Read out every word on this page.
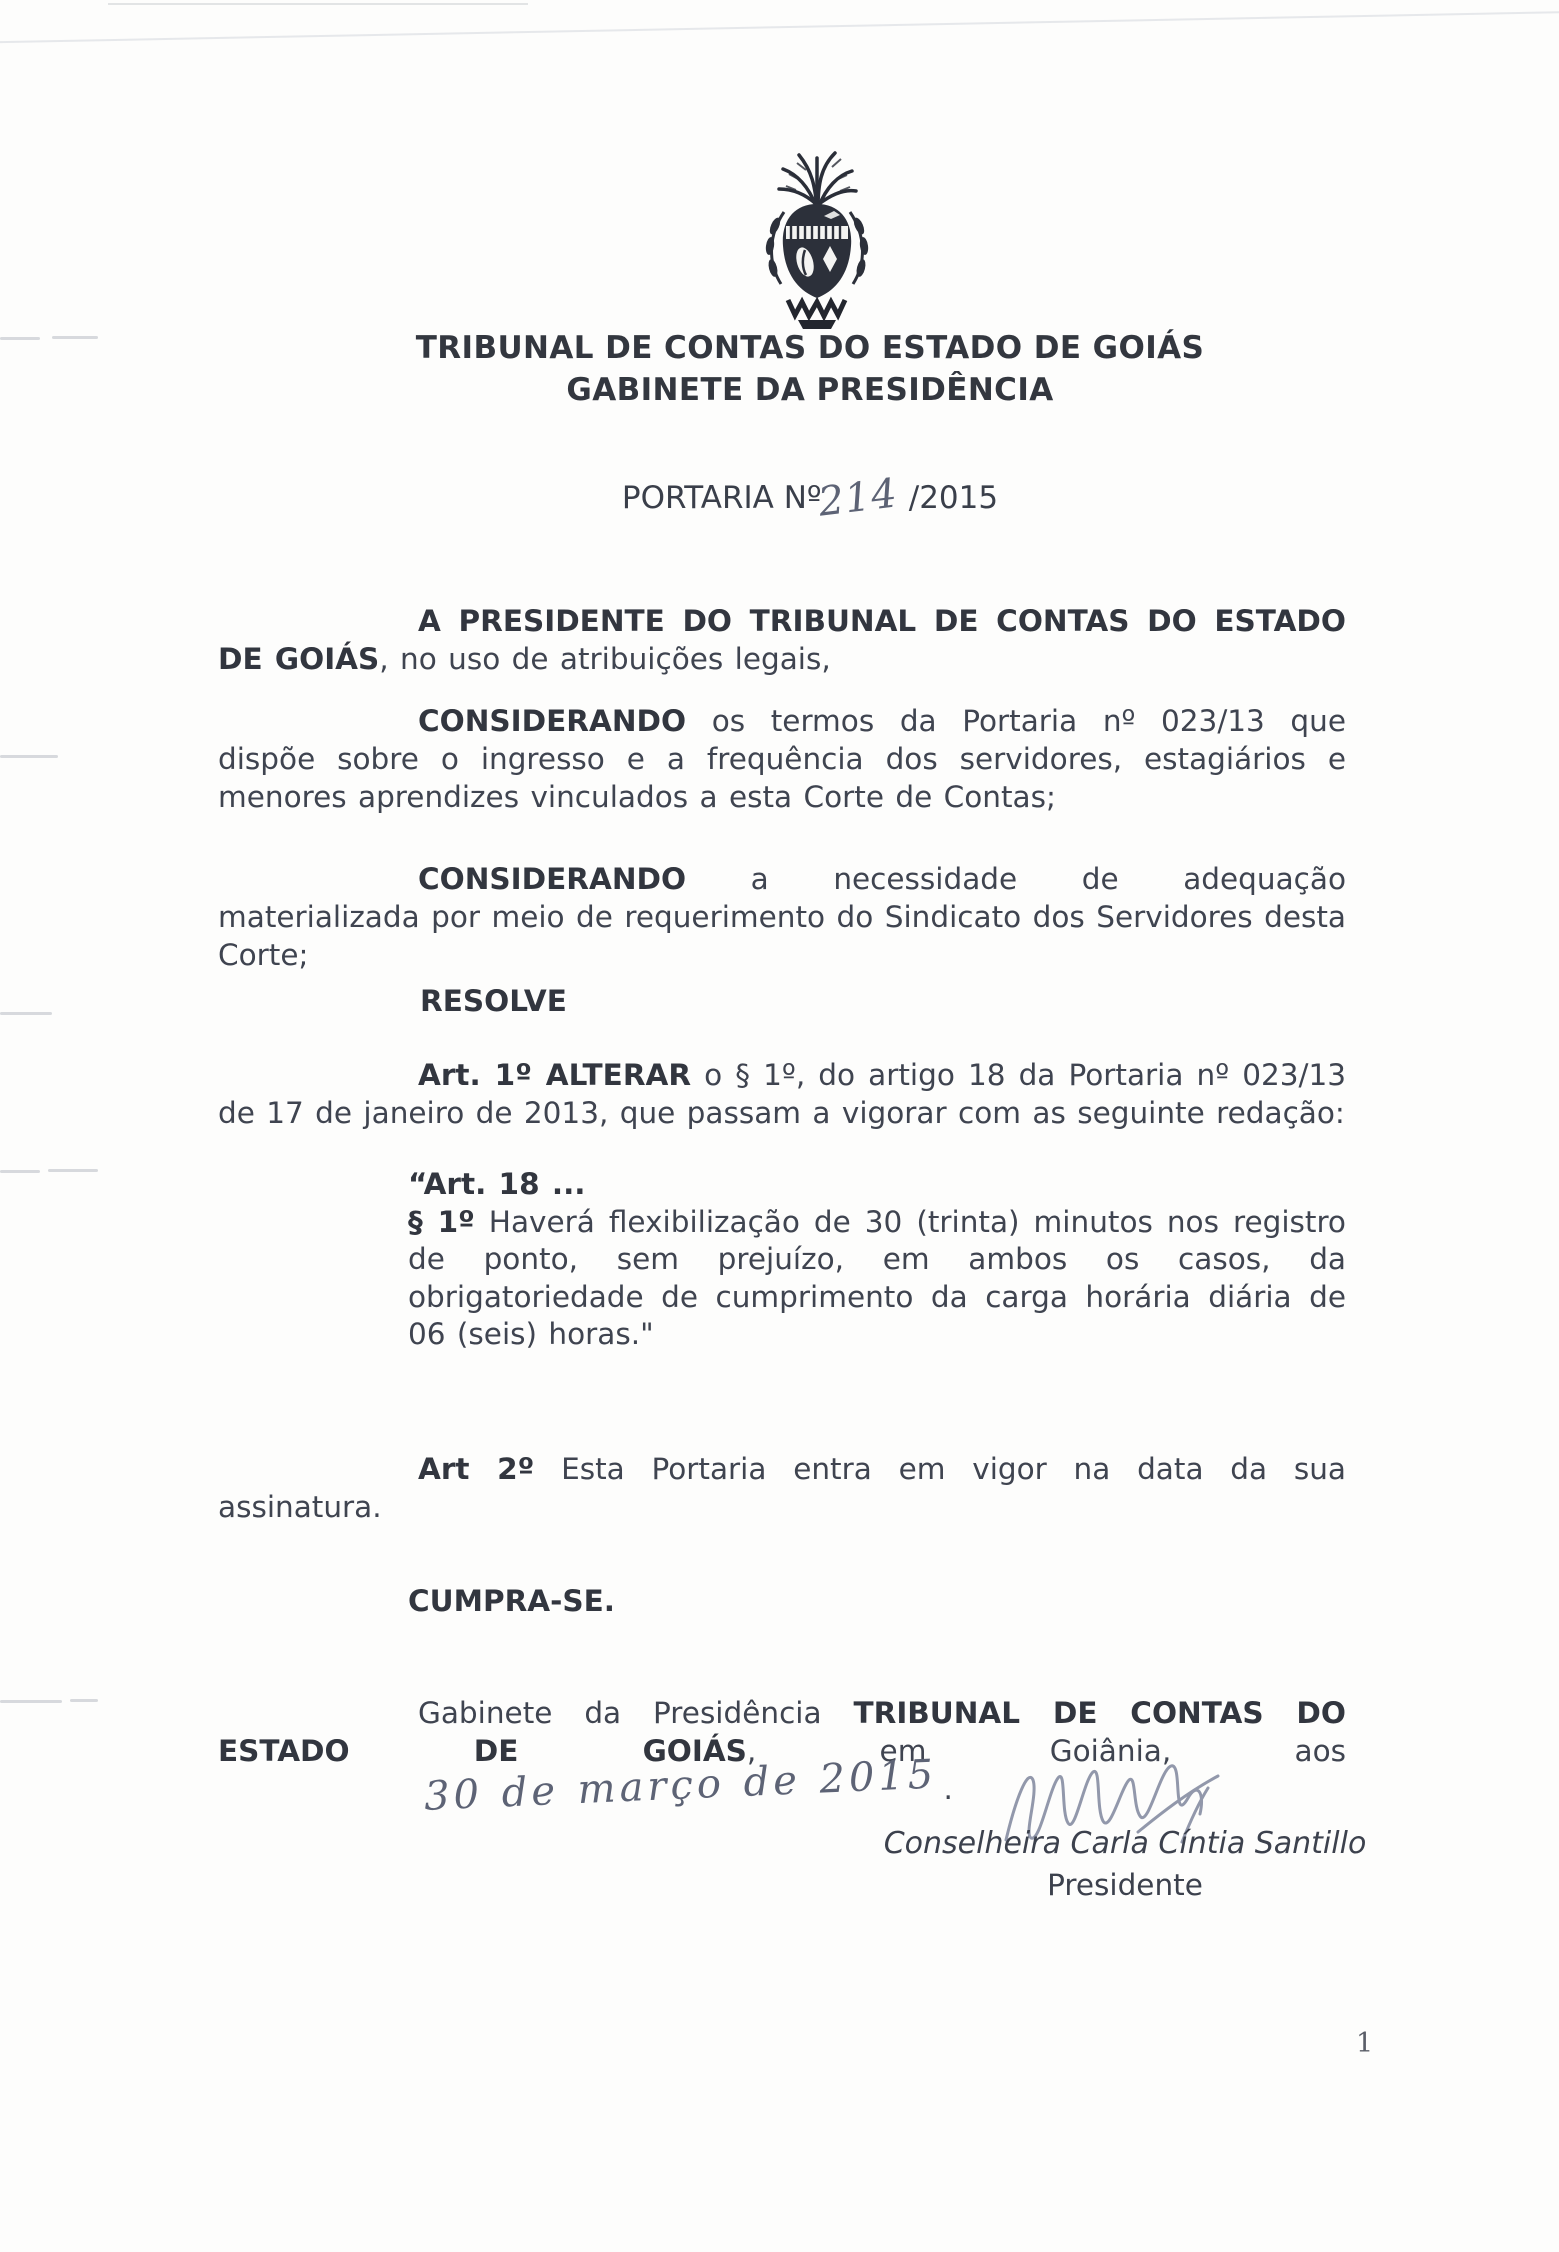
TRIBUNAL DE CONTAS DO ESTADO DE GOIÁS
GABINETE DA PRESIDÊNCIA
PORTARIA Nº214 /2015

A PRESIDENTE DO TRIBUNAL DE CONTAS DO ESTADO DE GOIÁS, no uso de atribuições legais,

CONSIDERANDO os termos da Portaria nº 023/13 que dispõe sobre o ingresso e a frequência dos servidores, estagiários e menores aprendizes vinculados a esta Corte de Contas;

CONSIDERANDO a necessidade de adequação materializada por meio de requerimento do Sindicato dos Servidores desta Corte;

RESOLVE

Art. 1º ALTERAR o § 1º, do artigo 18 da Portaria nº 023/13 de 17 de janeiro de 2013, que passam a vigorar com as seguinte redação:

“Art. 18 ...
§ 1º Haverá flexibilização de 30 (trinta) minutos nos registro de ponto, sem prejuízo, em ambos os casos, da obrigatoriedade de cumprimento da carga horária diária de 06 (seis) horas."

Art 2º Esta Portaria entra em vigor na data da sua assinatura.

CUMPRA-SE.

Gabinete da Presidência TRIBUNAL DE CONTAS DO ESTADO DE GOIÁS, em Goiânia, aos30 de março de 2015 .

Conselheira Carla Cíntia Santillo

Presidente

1
